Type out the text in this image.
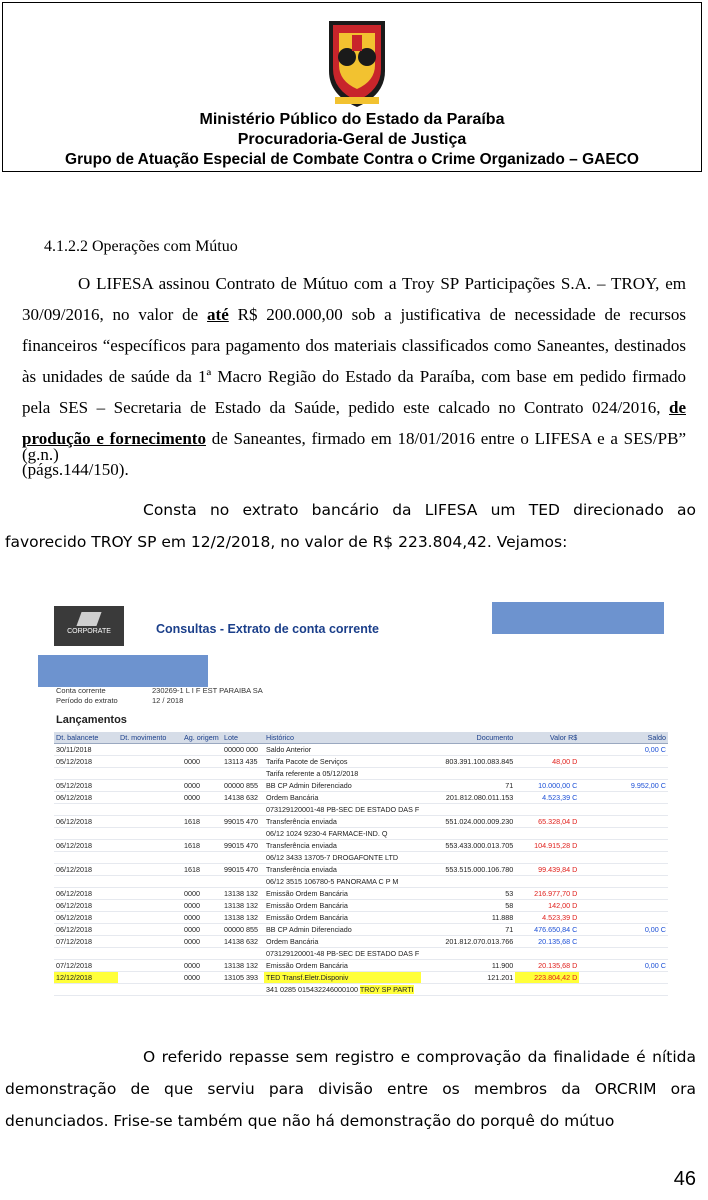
Ministério Público do Estado da Paraíba
Procuradoria-Geral de Justiça
Grupo de Atuação Especial de Combate Contra o Crime Organizado – GAECO
4.1.2.2 Operações com Mútuo
O LIFESA assinou Contrato de Mútuo com a Troy SP Participações S.A. – TROY, em 30/09/2016, no valor de até R$ 200.000,00 sob a justificativa de necessidade de recursos financeiros “específicos para pagamento dos materiais classificados como Saneantes, destinados às unidades de saúde da 1ª Macro Região do Estado da Paraíba, com base em pedido firmado pela SES – Secretaria de Estado da Saúde, pedido este calcado no Contrato 024/2016, de produção e fornecimento de Saneantes, firmado em 18/01/2016 entre o LIFESA e a SES/PB” (págs.144/150).
(g.n.)
Consta no extrato bancário da LIFESA um TED direcionado ao favorecido TROY SP em 12/2/2018, no valor de R$ 223.804,42. Vejamos:
CORPORATE	Consultas - Extrato de conta corrente
Conta corrente	230269-1 L I F EST PARAIBA SA
Período do extrato	12 / 2018
Lançamentos
Dt. balancete	Dt. movimento	Ag. origem	Lote	Histórico	Documento	Valor R$	Saldo
30/11/2018			00000 000	Saldo Anterior			0,00 C
05/12/2018		0000	13113 435	Tarifa Pacote de Serviços	803.391.100.083.845	48,00 D	
				Tarifa referente a 05/12/2018			
05/12/2018		0000	00000 855	BB CP Admin Diferenciado	71	10.000,00 C	9.952,00 C
06/12/2018		0000	14138 632	Ordem Bancária	201.812.080.011.153	4.523,39 C	
				073129120001-48 PB-SEC DE ESTADO DAS F			
06/12/2018		1618	99015 470	Transferência enviada	551.024.000.009.230	65.328,04 D	
				06/12 1024 9230-4 FARMACE-IND. Q			
06/12/2018		1618	99015 470	Transferência enviada	553.433.000.013.705	104.915,28 D	
				06/12 3433 13705-7 DROGAFONTE LTD			
06/12/2018		1618	99015 470	Transferência enviada	553.515.000.106.780	99.439,84 D	
				06/12 3515 106780-5 PANORAMA C P M			
06/12/2018		0000	13138 132	Emissão Ordem Bancária	53	216.977,70 D	
06/12/2018		0000	13138 132	Emissão Ordem Bancária	58	142,00 D	
06/12/2018		0000	13138 132	Emissão Ordem Bancária	11.888	4.523,39 D	
06/12/2018		0000	00000 855	BB CP Admin Diferenciado	71	476.650,84 C	0,00 C
07/12/2018		0000	14138 632	Ordem Bancária	201.812.070.013.766	20.135,68 C	
				073129120001-48 PB-SEC DE ESTADO DAS F			
07/12/2018		0000	13138 132	Emissão Ordem Bancária	11.900	20.135,68 D	0,00 C
12/12/2018		0000	13105 393	TED Transf.Eletr.Disponiv	121.201	223.804,42 D	
				341 0285 015432246000100 TROY SP PARTI			
O referido repasse sem registro e comprovação da finalidade é nítida demonstração de que serviu para divisão entre os membros da ORCRIM ora denunciados. Frise-se também que não há demonstração do porquê do mútuo
46
